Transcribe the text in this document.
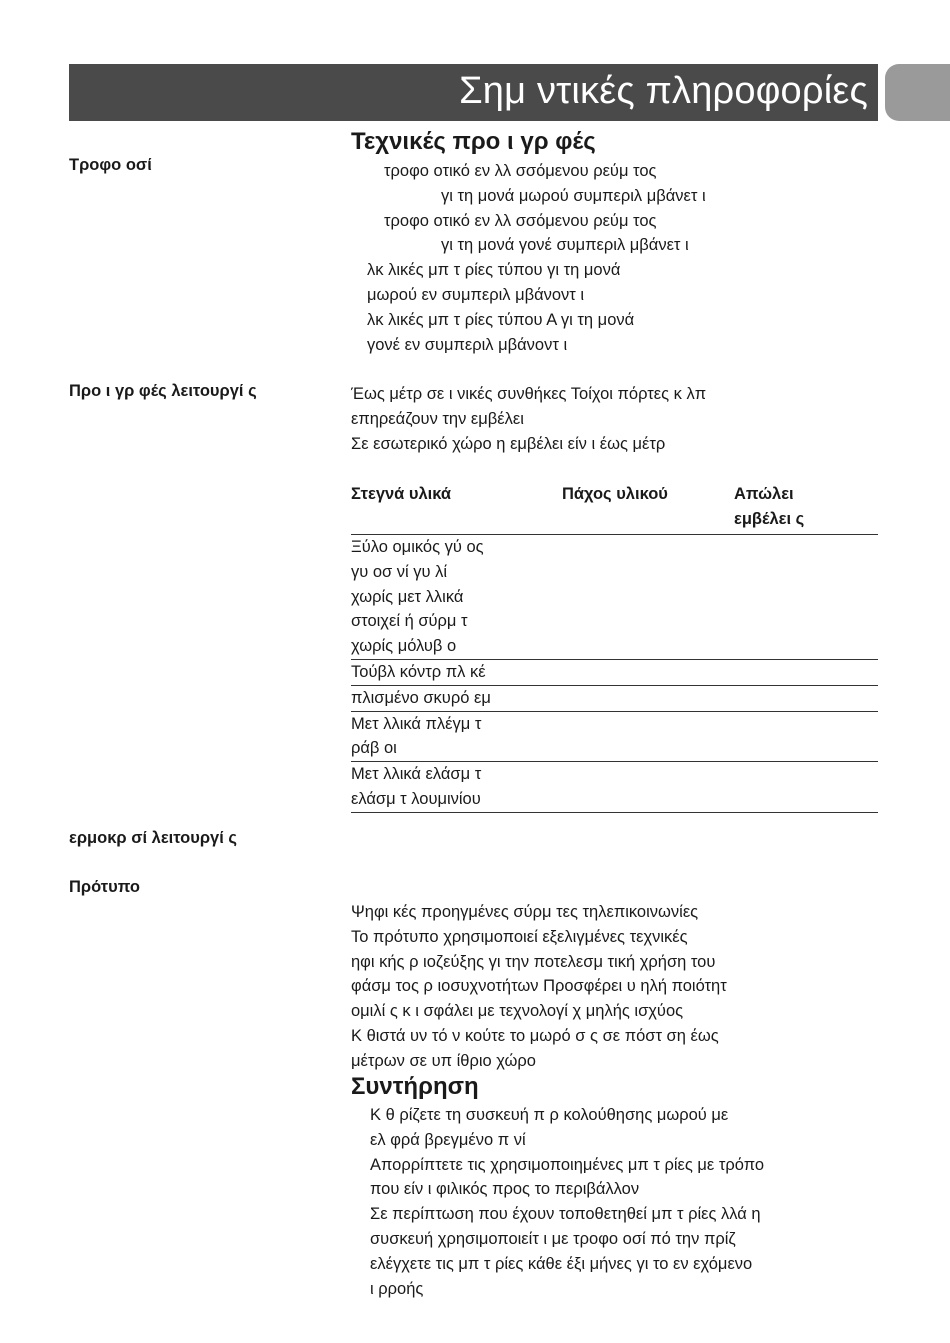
Σημ ντικές πληροφορίες
Τεχνικές προ ι γρ φές
Τροφο οσί
Προ ι γρ φές λειτουργί ς
ερμοκρ σί λειτουργί ς
Πρότυπο
τροφο οτικό εν λλ σσόμενου ρεύμ τος
γι τη μονά μωρού συμπεριλ μβάνετ ι
τροφο οτικό εν λλ σσόμενου ρεύμ τος
γι τη μονά γονέ συμπεριλ μβάνετ ι
λκ λικές μπ τ ρίες τύπου γι τη μονά
μωρού εν συμπεριλ μβάνοντ ι
λκ λικές μπ τ ρίες τύπου Α γι τη μονά
γονέ εν συμπεριλ μβάνοντ ι
Έως μέτρ σε ι νικές συνθήκες Τοίχοι πόρτες κ λπ
επηρεάζουν την εμβέλει
Σε εσωτερικό χώρο η εμβέλει είν ι έως μέτρ
Στεγνά υλικά	Πάχος υλικού	Απώλει
εμβέλει ς

Ξύλο ομικός γύ ος
γυ οσ νί γυ λί
χωρίς μετ λλικά
στοιχεί ή σύρμ τ
χωρίς μόλυβ ο		

Τούβλ κόντρ πλ κέ		

πλισμένο σκυρό εμ		

Μετ λλικά πλέγμ τ
ράβ οι		

Μετ λλικά ελάσμ τ
ελάσμ τ λουμινίου		

Ψηφι κές προηγμένες σύρμ τες τηλεπικοινωνίες
Το πρότυπο χρησιμοποιεί εξελιγμένες τεχνικές
ηφι κής ρ ιοζεύξης γι την ποτελεσμ τική χρήση του
φάσμ τος ρ ιοσυχνοτήτων Προσφέρει υ ηλή ποιότητ
ομιλί ς κ ι σφάλει με τεχνολογί χ μηλής ισχύος
Κ θιστά υν τό ν κούτε το μωρό σ ς σε πόστ ση έως
μέτρων σε υπ ίθριο χώρο
Συντήρηση
Κ θ ρίζετε τη συσκευή π ρ κολούθησης μωρού με
ελ φρά βρεγμένο π νί
Απορρίπτετε τις χρησιμοποιημένες μπ τ ρίες με τρόπο
που είν ι φιλικός προς το περιβάλλον
Σε περίπτωση που έχουν τοποθετηθεί μπ τ ρίες λλά η
συσκευή χρησιμοποιείτ ι με τροφο οσί πό την πρίζ
ελέγχετε τις μπ τ ρίες κάθε έξι μήνες γι το εν εχόμενο
ι ρροής
